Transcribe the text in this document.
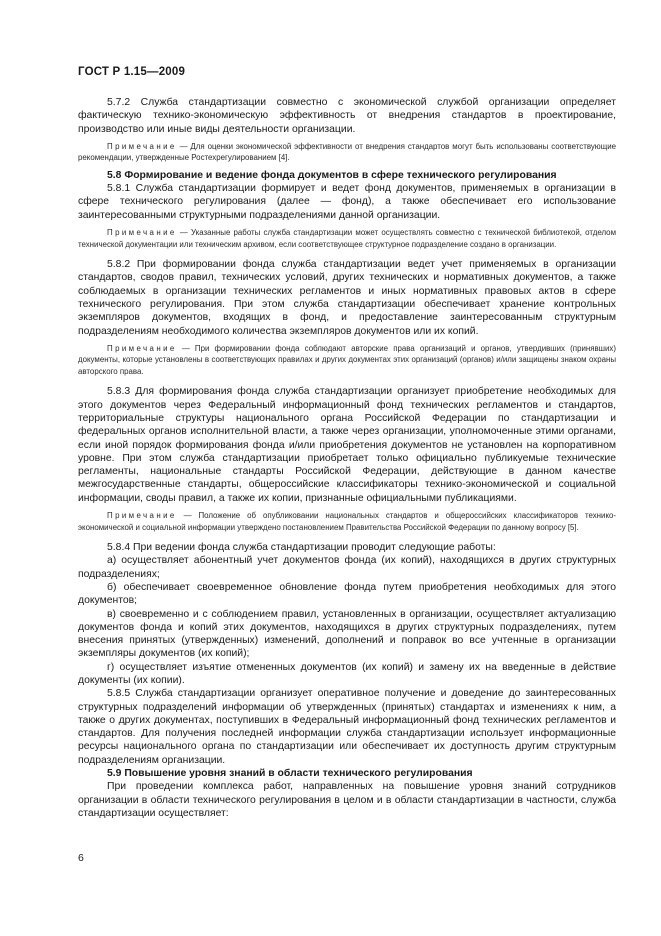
ГОСТ Р 1.15—2009

5.7.2 Служба стандартизации совместно с экономической службой организации определяет фактическую технико-экономическую эффективность от внедрения стандартов в проектирование, производство или иные виды деятельности организации.

Примечание — Для оценки экономической эффективности от внедрения стандартов могут быть использованы соответствующие рекомендации, утвержденные Ростехрегулированием [4].

5.8 Формирование и ведение фонда документов в сфере технического регулирования

5.8.1 Служба стандартизации формирует и ведет фонд документов, применяемых в организации в сфере технического регулирования (далее — фонд), а также обеспечивает его использование заинтересованными структурными подразделениями данной организации.

Примечание — Указанные работы служба стандартизации может осуществлять совместно с технической библиотекой, отделом технической документации или техническим архивом, если соответствующее структурное подразделение создано в организации.

5.8.2 При формировании фонда служба стандартизации ведет учет применяемых в организации стандартов, сводов правил, технических условий, других технических и нормативных документов, а также соблюдаемых в организации технических регламентов и иных нормативных правовых актов в сфере технического регулирования. При этом служба стандартизации обеспечивает хранение контрольных экземпляров документов, входящих в фонд, и предоставление заинтересованным структурным подразделениям необходимого количества экземпляров документов или их копий.

Примечание — При формировании фонда соблюдают авторские права организаций и органов, утвердивших (принявших) документы, которые установлены в соответствующих правилах и других документах этих организаций (органов) и/или защищены знаком охраны авторского права.

5.8.3 Для формирования фонда служба стандартизации организует приобретение необходимых для этого документов через Федеральный информационный фонд технических регламентов и стандартов, территориальные структуры национального органа Российской Федерации по стандартизации и федеральных органов исполнительной власти, а также через организации, уполномоченные этими органами, если иной порядок формирования фонда и/или приобретения документов не установлен на корпоративном уровне. При этом служба стандартизации приобретает только официально публикуемые технические регламенты, национальные стандарты Российской Федерации, действующие в данном качестве межгосударственные стандарты, общероссийские классификаторы технико-экономической и социальной информации, своды правил, а также их копии, признанные официальными публикациями.

Примечание — Положение об опубликовании национальных стандартов и общероссийских классификаторов технико-экономической и социальной информации утверждено постановлением Правительства Российской Федерации по данному вопросу [5].

5.8.4 При ведении фонда служба стандартизации проводит следующие работы:

а) осуществляет абонентный учет документов фонда (их копий), находящихся в других структурных подразделениях;

б) обеспечивает своевременное обновление фонда путем приобретения необходимых для этого документов;

в) своевременно и с соблюдением правил, установленных в организации, осуществляет актуализацию документов фонда и копий этих документов, находящихся в других структурных подразделениях, путем внесения принятых (утвержденных) изменений, дополнений и поправок во все учтенные в организации экземпляры документов (их копий);

г) осуществляет изъятие отмененных документов (их копий) и замену их на введенные в действие документы (их копии).

5.8.5 Служба стандартизации организует оперативное получение и доведение до заинтересованных структурных подразделений информации об утвержденных (принятых) стандартах и изменениях к ним, а также о других документах, поступивших в Федеральный информационный фонд технических регламентов и стандартов. Для получения последней информации служба стандартизации использует информационные ресурсы национального органа по стандартизации или обеспечивает их доступность другим структурным подразделениям организации.

5.9 Повышение уровня знаний в области технического регулирования

При проведении комплекса работ, направленных на повышение уровня знаний сотрудников организации в области технического регулирования в целом и в области стандартизации в частности, служба стандартизации осуществляет:

6
